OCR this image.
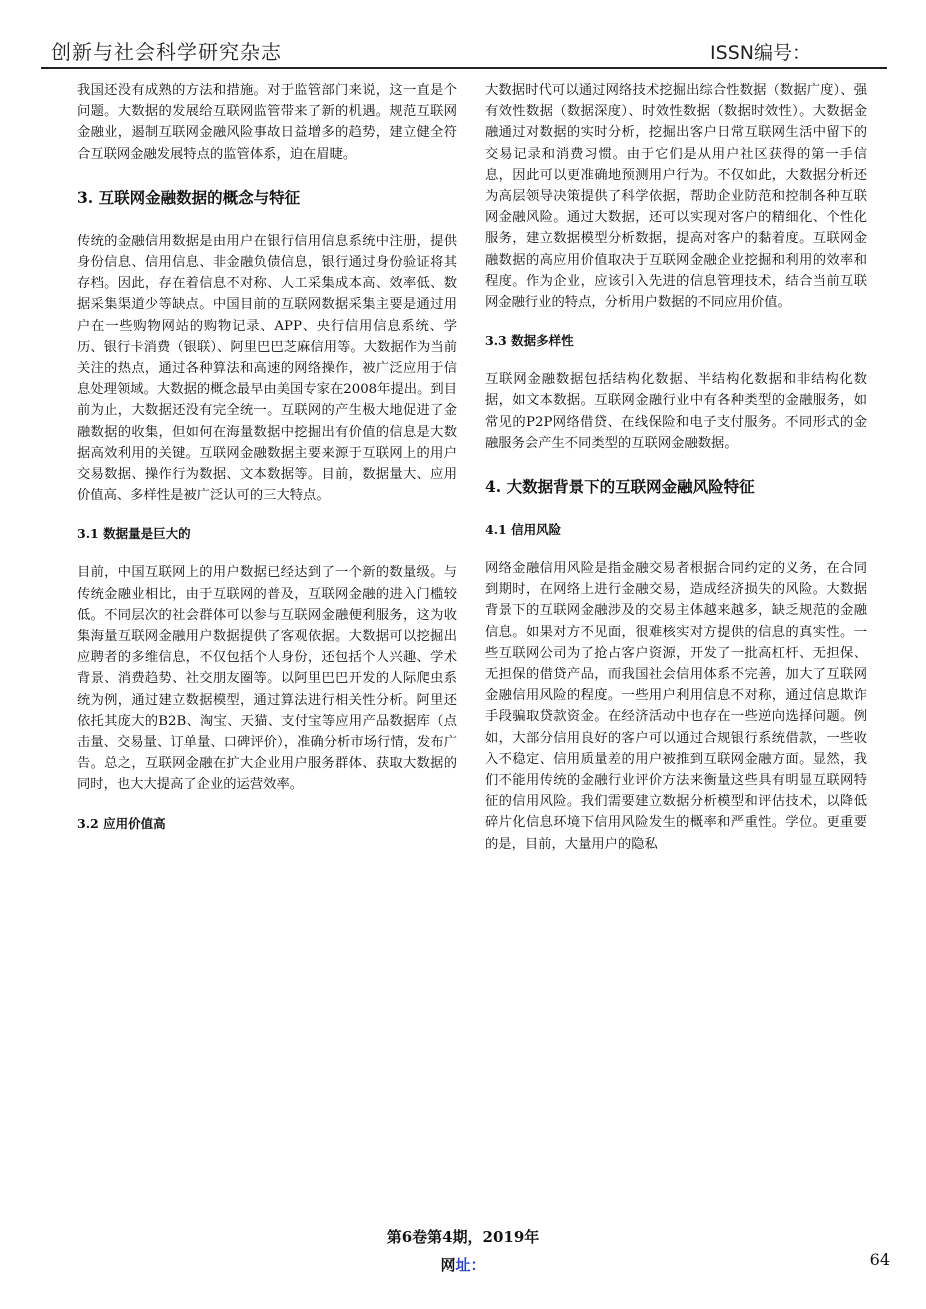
创新与社会科学研究杂志	ISSN编号：

我国还没有成熟的方法和措施。对于监管部门来说，这一直是个问题。大数据的发展给互联网监管带来了新的机遇。规范互联网金融业，遏制互联网金融风险事故日益增多的趋势，建立健全符合互联网金融发展特点的监管体系，迫在眉睫。

3. 互联网金融数据的概念与特征

传统的金融信用数据是由用户在银行信用信息系统中注册，提供身份信息、信用信息、非金融负债信息，银行通过身份验证将其存档。因此，存在着信息不对称、人工采集成本高、效率低、数据采集渠道少等缺点。中国目前的互联网数据采集主要是通过用户在一些购物网站的购物记录、APP、央行信用信息系统、学历、银行卡消费（银联）、阿里巴巴芝麻信用等。大数据作为当前关注的热点，通过各种算法和高速的网络操作，被广泛应用于信息处理领域。大数据的概念最早由美国专家在2008年提出。到目前为止，大数据还没有完全统一。互联网的产生极大地促进了金融数据的收集，但如何在海量数据中挖掘出有价值的信息是大数据高效利用的关键。互联网金融数据主要来源于互联网上的用户交易数据、操作行为数据、文本数据等。目前，数据量大、应用价值高、多样性是被广泛认可的三大特点。

3.1 数据量是巨大的

目前，中国互联网上的用户数据已经达到了一个新的数量级。与传统金融业相比，由于互联网的普及，互联网金融的进入门槛较低。不同层次的社会群体可以参与互联网金融便利服务，这为收集海量互联网金融用户数据提供了客观依据。大数据可以挖掘出应聘者的多维信息，不仅包括个人身份，还包括个人兴趣、学术背景、消费趋势、社交朋友圈等。以阿里巴巴开发的人际爬虫系统为例，通过建立数据模型，通过算法进行相关性分析。阿里还依托其庞大的B2B、淘宝、天猫、支付宝等应用产品数据库（点击量、交易量、订单量、口碑评价），准确分析市场行情，发布广告。总之，互联网金融在扩大企业用户服务群体、获取大数据的同时，也大大提高了企业的运营效率。

3.2 应用价值高

大数据时代可以通过网络技术挖掘出综合性数据（数据广度）、强有效性数据（数据深度）、时效性数据（数据时效性）。大数据金融通过对数据的实时分析，挖掘出客户日常互联网生活中留下的交易记录和消费习惯。由于它们是从用户社区获得的第一手信息，因此可以更准确地预测用户行为。不仅如此，大数据分析还为高层领导决策提供了科学依据，帮助企业防范和控制各种互联网金融风险。通过大数据，还可以实现对客户的精细化、个性化服务，建立数据模型分析数据，提高对客户的黏着度。互联网金融数据的高应用价值取决于互联网金融企业挖掘和利用的效率和程度。作为企业，应该引入先进的信息管理技术，结合当前互联网金融行业的特点，分析用户数据的不同应用价值。

3.3 数据多样性

互联网金融数据包括结构化数据、半结构化数据和非结构化数据，如文本数据。互联网金融行业中有各种类型的金融服务，如常见的P2P网络借贷、在线保险和电子支付服务。不同形式的金融服务会产生不同类型的互联网金融数据。

4. 大数据背景下的互联网金融风险特征
4.1 信用风险

网络金融信用风险是指金融交易者根据合同约定的义务，在合同到期时，在网络上进行金融交易，造成经济损失的风险。大数据背景下的互联网金融涉及的交易主体越来越多，缺乏规范的金融信息。如果对方不见面，很难核实对方提供的信息的真实性。一些互联网公司为了抢占客户资源，开发了一批高杠杆、无担保、无担保的借贷产品，而我国社会信用体系不完善，加大了互联网金融信用风险的程度。一些用户利用信息不对称，通过信息欺诈手段骗取贷款资金。在经济活动中也存在一些逆向选择问题。例如，大部分信用良好的客户可以通过合规银行系统借款，一些收入不稳定、信用质量差的用户被推到互联网金融方面。显然，我们不能用传统的金融行业评价方法来衡量这些具有明显互联网特征的信用风险。我们需要建立数据分析模型和评估技术，以降低碎片化信息环境下信用风险发生的概率和严重性。学位。更重要的是，目前，大量用户的隐私

第6卷第4期，2019年
网址：	64
